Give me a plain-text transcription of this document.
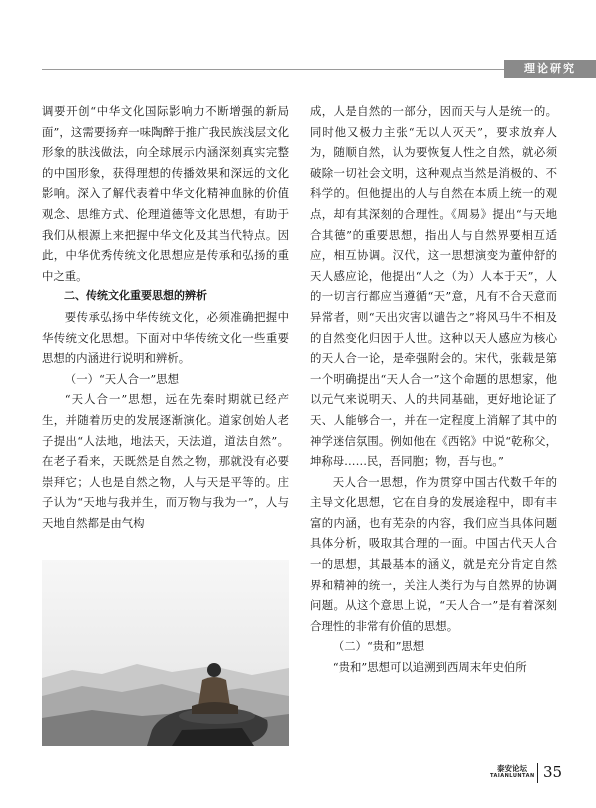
理论研究

调要开创“中华文化国际影响力不断增强的新局面”，这需要扬弃一味陶醉于推广我民族浅层文化形象的肤浅做法，向全球展示内涵深刻真实完整的中国形象，获得理想的传播效果和深远的文化影响。深入了解代表着中华文化精神血脉的价值观念、思维方式、伦理道德等文化思想，有助于我们从根源上来把握中华文化及其当代特点。因此，中华优秀传统文化思想应是传承和弘扬的重中之重。

二、传统文化重要思想的辨析

要传承弘扬中华传统文化，必须准确把握中华传统文化思想。下面对中华传统文化一些重要思想的内涵进行说明和辨析。

（一）“天人合一”思想

“天人合一”思想，远在先秦时期就已经产生，并随着历史的发展逐渐演化。道家创始人老子提出“人法地，地法天，天法道，道法自然”。在老子看来，天既然是自然之物，那就没有必要崇拜它；人也是自然之物，人与天是平等的。庄子认为“天地与我并生，而万物与我为一”，人与天地自然都是由气构

成，人是自然的一部分，因而天与人是统一的。同时他又极力主张“无以人灭天”，要求放弃人为，随顺自然，认为要恢复人性之自然，就必须破除一切社会文明，这种观点当然是消极的、不科学的。但他提出的人与自然在本质上统一的观点，却有其深刻的合理性。《周易》提出“与天地合其德”的重要思想，指出人与自然界要相互适应，相互协调。汉代，这一思想演变为董仲舒的天人感应论，他提出“人之（为）人本于天”，人的一切言行都应当遵循“天”意，凡有不合天意而异常者，则“天出灾害以谴告之”将风马牛不相及的自然变化归因于人世。这种以天人感应为核心的天人合一论，是牵强附会的。宋代，张载是第一个明确提出“天人合一”这个命题的思想家，他以元气来说明天、人的共同基础，更好地论证了天、人能够合一，并在一定程度上消解了其中的神学迷信氛围。例如他在《西铭》中说“乾称父，坤称母……民，吾同胞；物，吾与也。”

天人合一思想，作为贯穿中国古代数千年的主导文化思想，它在自身的发展途程中，即有丰富的内涵，也有芜杂的内容，我们应当具体问题具体分析，吸取其合理的一面。中国古代天人合一的思想，其最基本的涵义，就是充分肯定自然界和精神的统一，关注人类行为与自然界的协调问题。从这个意思上说，“天人合一”是有着深刻合理性的非常有价值的思想。

（二）“贵和”思想

“贵和”思想可以追溯到西周末年史伯所

泰安论坛
TAIANLUNTAN 35
